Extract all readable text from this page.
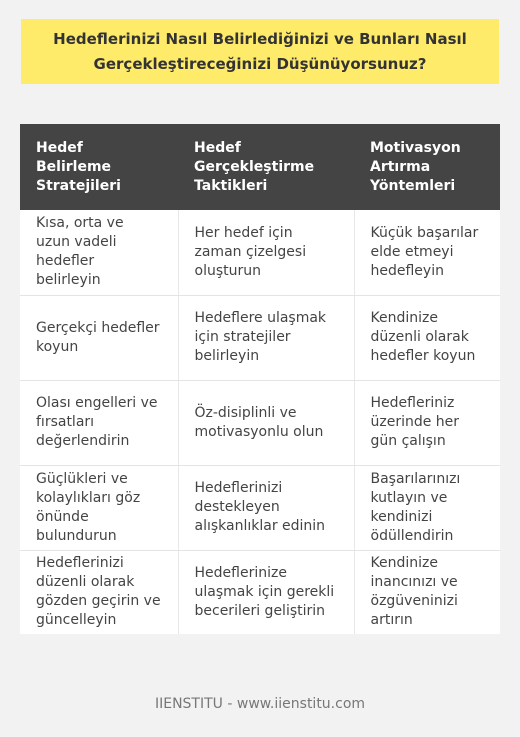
Hedeflerinizi Nasıl Belirlediğinizi ve Bunları Nasıl Gerçekleştireceğinizi Düşünüyorsunuz?
Hedef Belirleme Stratejileri	Hedef Gerçekleştirme Taktikleri	Motivasyon Artırma Yöntemleri
Kısa, orta ve uzun vadeli hedefler belirleyin	Her hedef için zaman çizelgesi oluşturun	Küçük başarılar elde etmeyi hedefleyin
Gerçekçi hedefler koyun	Hedeflere ulaşmak için stratejiler belirleyin	Kendinize düzenli olarak hedefler koyun
Olası engelleri ve fırsatları değerlendirin	Öz-disiplinli ve motivasyonlu olun	Hedefleriniz üzerinde her gün çalışın
Güçlükleri ve kolaylıkları göz önünde bulundurun	Hedeflerinizi destekleyen alışkanlıklar edinin	Başarılarınızı kutlayın ve kendinizi ödüllendirin
Hedeflerinizi düzenli olarak gözden geçirin ve güncelleyin	Hedeflerinize ulaşmak için gerekli becerileri geliştirin	Kendinize inancınızı ve özgüveninizi artırın
IIENSTITU - www.iienstitu.com
